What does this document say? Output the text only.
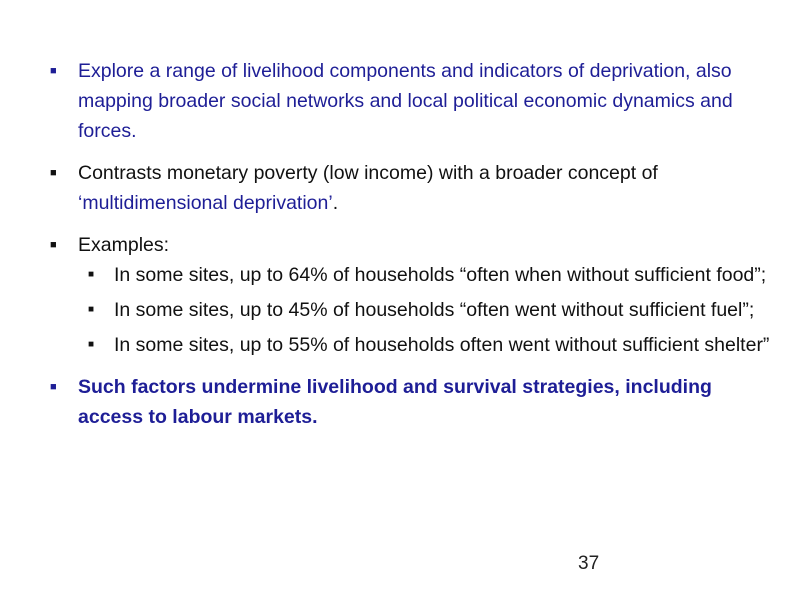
■ Explore a range of livelihood components and indicators of deprivation, also mapping broader social networks and local political economic dynamics and forces.
■ Contrasts monetary poverty (low income) with a broader concept of ‘multidimensional deprivation’.
■ Examples:
■ In some sites, up to 64% of households “often when without sufficient food”;
■ In some sites, up to 45% of households “often went without sufficient fuel”;
■ In some sites, up to 55% of households often went without sufficient shelter”
■ Such factors undermine livelihood and survival strategies, including access to labour markets.
37
